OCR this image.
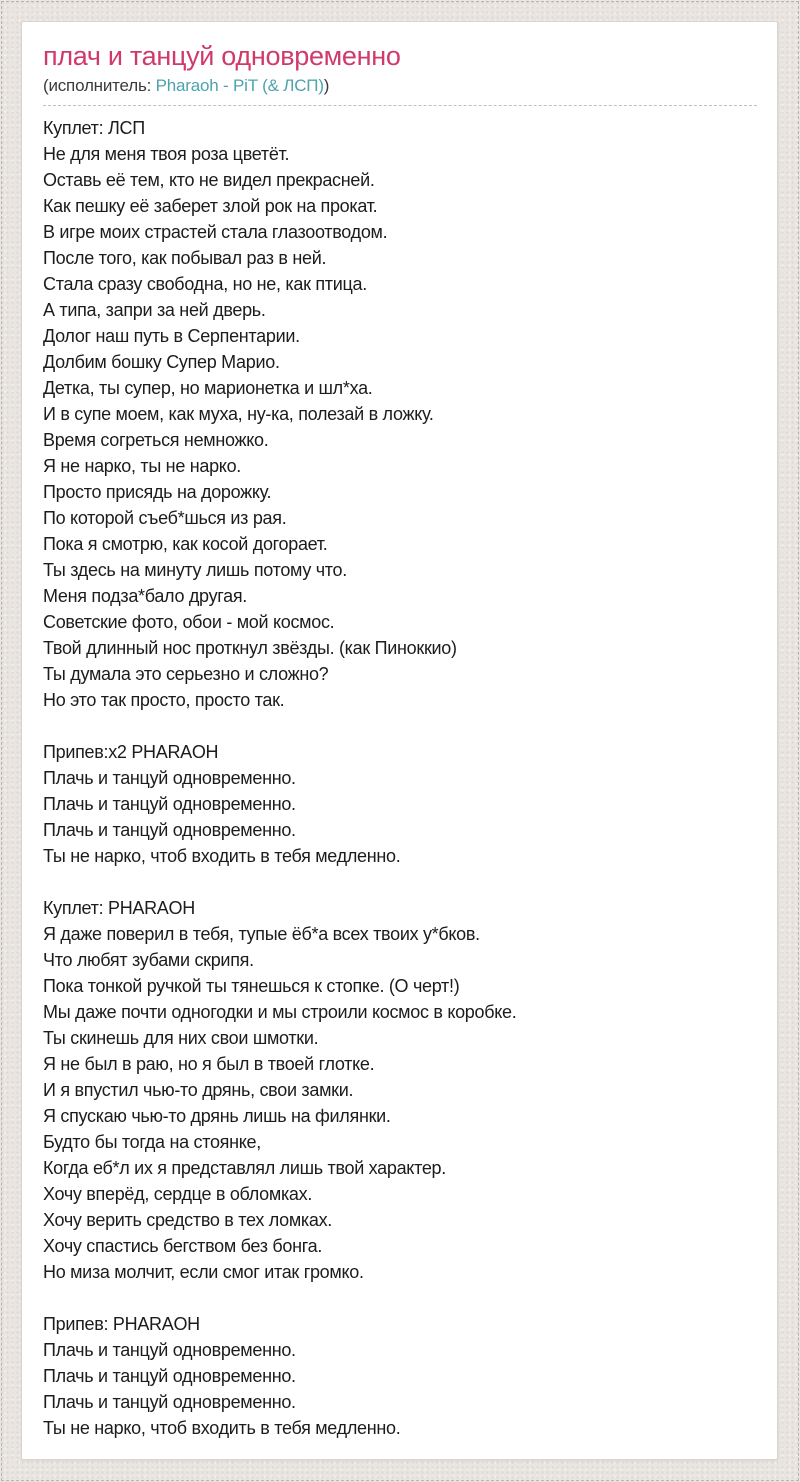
плач и танцуй одновременно
(исполнитель: Pharaoh - PiT (& ЛСП))
Куплет: ЛСП
Не для меня твоя роза цветёт.
Оставь её тем, кто не видел прекрасней.
Как пешку её заберет злой рок на прокат.
В игре моих страстей стала глазоотводом.
После того, как побывал раз в ней.
Стала сразу свободна, но не, как птица.
А типа, запри за ней дверь.
Долог наш путь в Серпентарии.
Долбим бошку Супер Марио.
Детка, ты супер, но марионетка и шл*ха.
И в супе моем, как муха, ну-ка, полезай в ложку.
Время согреться немножко.
Я не нарко, ты не нарко.
Просто присядь на дорожку.
По которой съеб*шься из рая.
Пока я смотрю, как косой догорает.
Ты здесь на минуту лишь потому что.
Меня подза*бало другая.
Советские фото, обои - мой космос.
Твой длинный нос проткнул звёзды. (как Пиноккио)
Ты думала это серьезно и сложно?
Но это так просто, просто так.

Припев:x2 PHARAOH
Плачь и танцуй одновременно.
Плачь и танцуй одновременно.
Плачь и танцуй одновременно.
Ты не нарко, чтоб входить в тебя медленно.

Куплет: PHARAOH
Я даже поверил в тебя, тупые ёб*а всех твоих у*бков.
Что любят зубами скрипя.
Пока тонкой ручкой ты тянешься к стопке. (О черт!)
Мы даже почти одногодки и мы строили космос в коробке.
Ты скинешь для них свои шмотки.
Я не был в раю, но я был в твоей глотке.
И я впустил чью-то дрянь, свои замки.
Я спускаю чью-то дрянь лишь на филянки.
Будто бы тогда на стоянке,
Когда еб*л их я представлял лишь твой характер.
Хочу вперёд, сердце в обломках.
Хочу верить средство в тех ломках.
Хочу спастись бегством без бонга.
Но миза молчит, если смог итак громко.

Припев: PHARAOH
Плачь и танцуй одновременно.
Плачь и танцуй одновременно.
Плачь и танцуй одновременно.
Ты не нарко, чтоб входить в тебя медленно.
